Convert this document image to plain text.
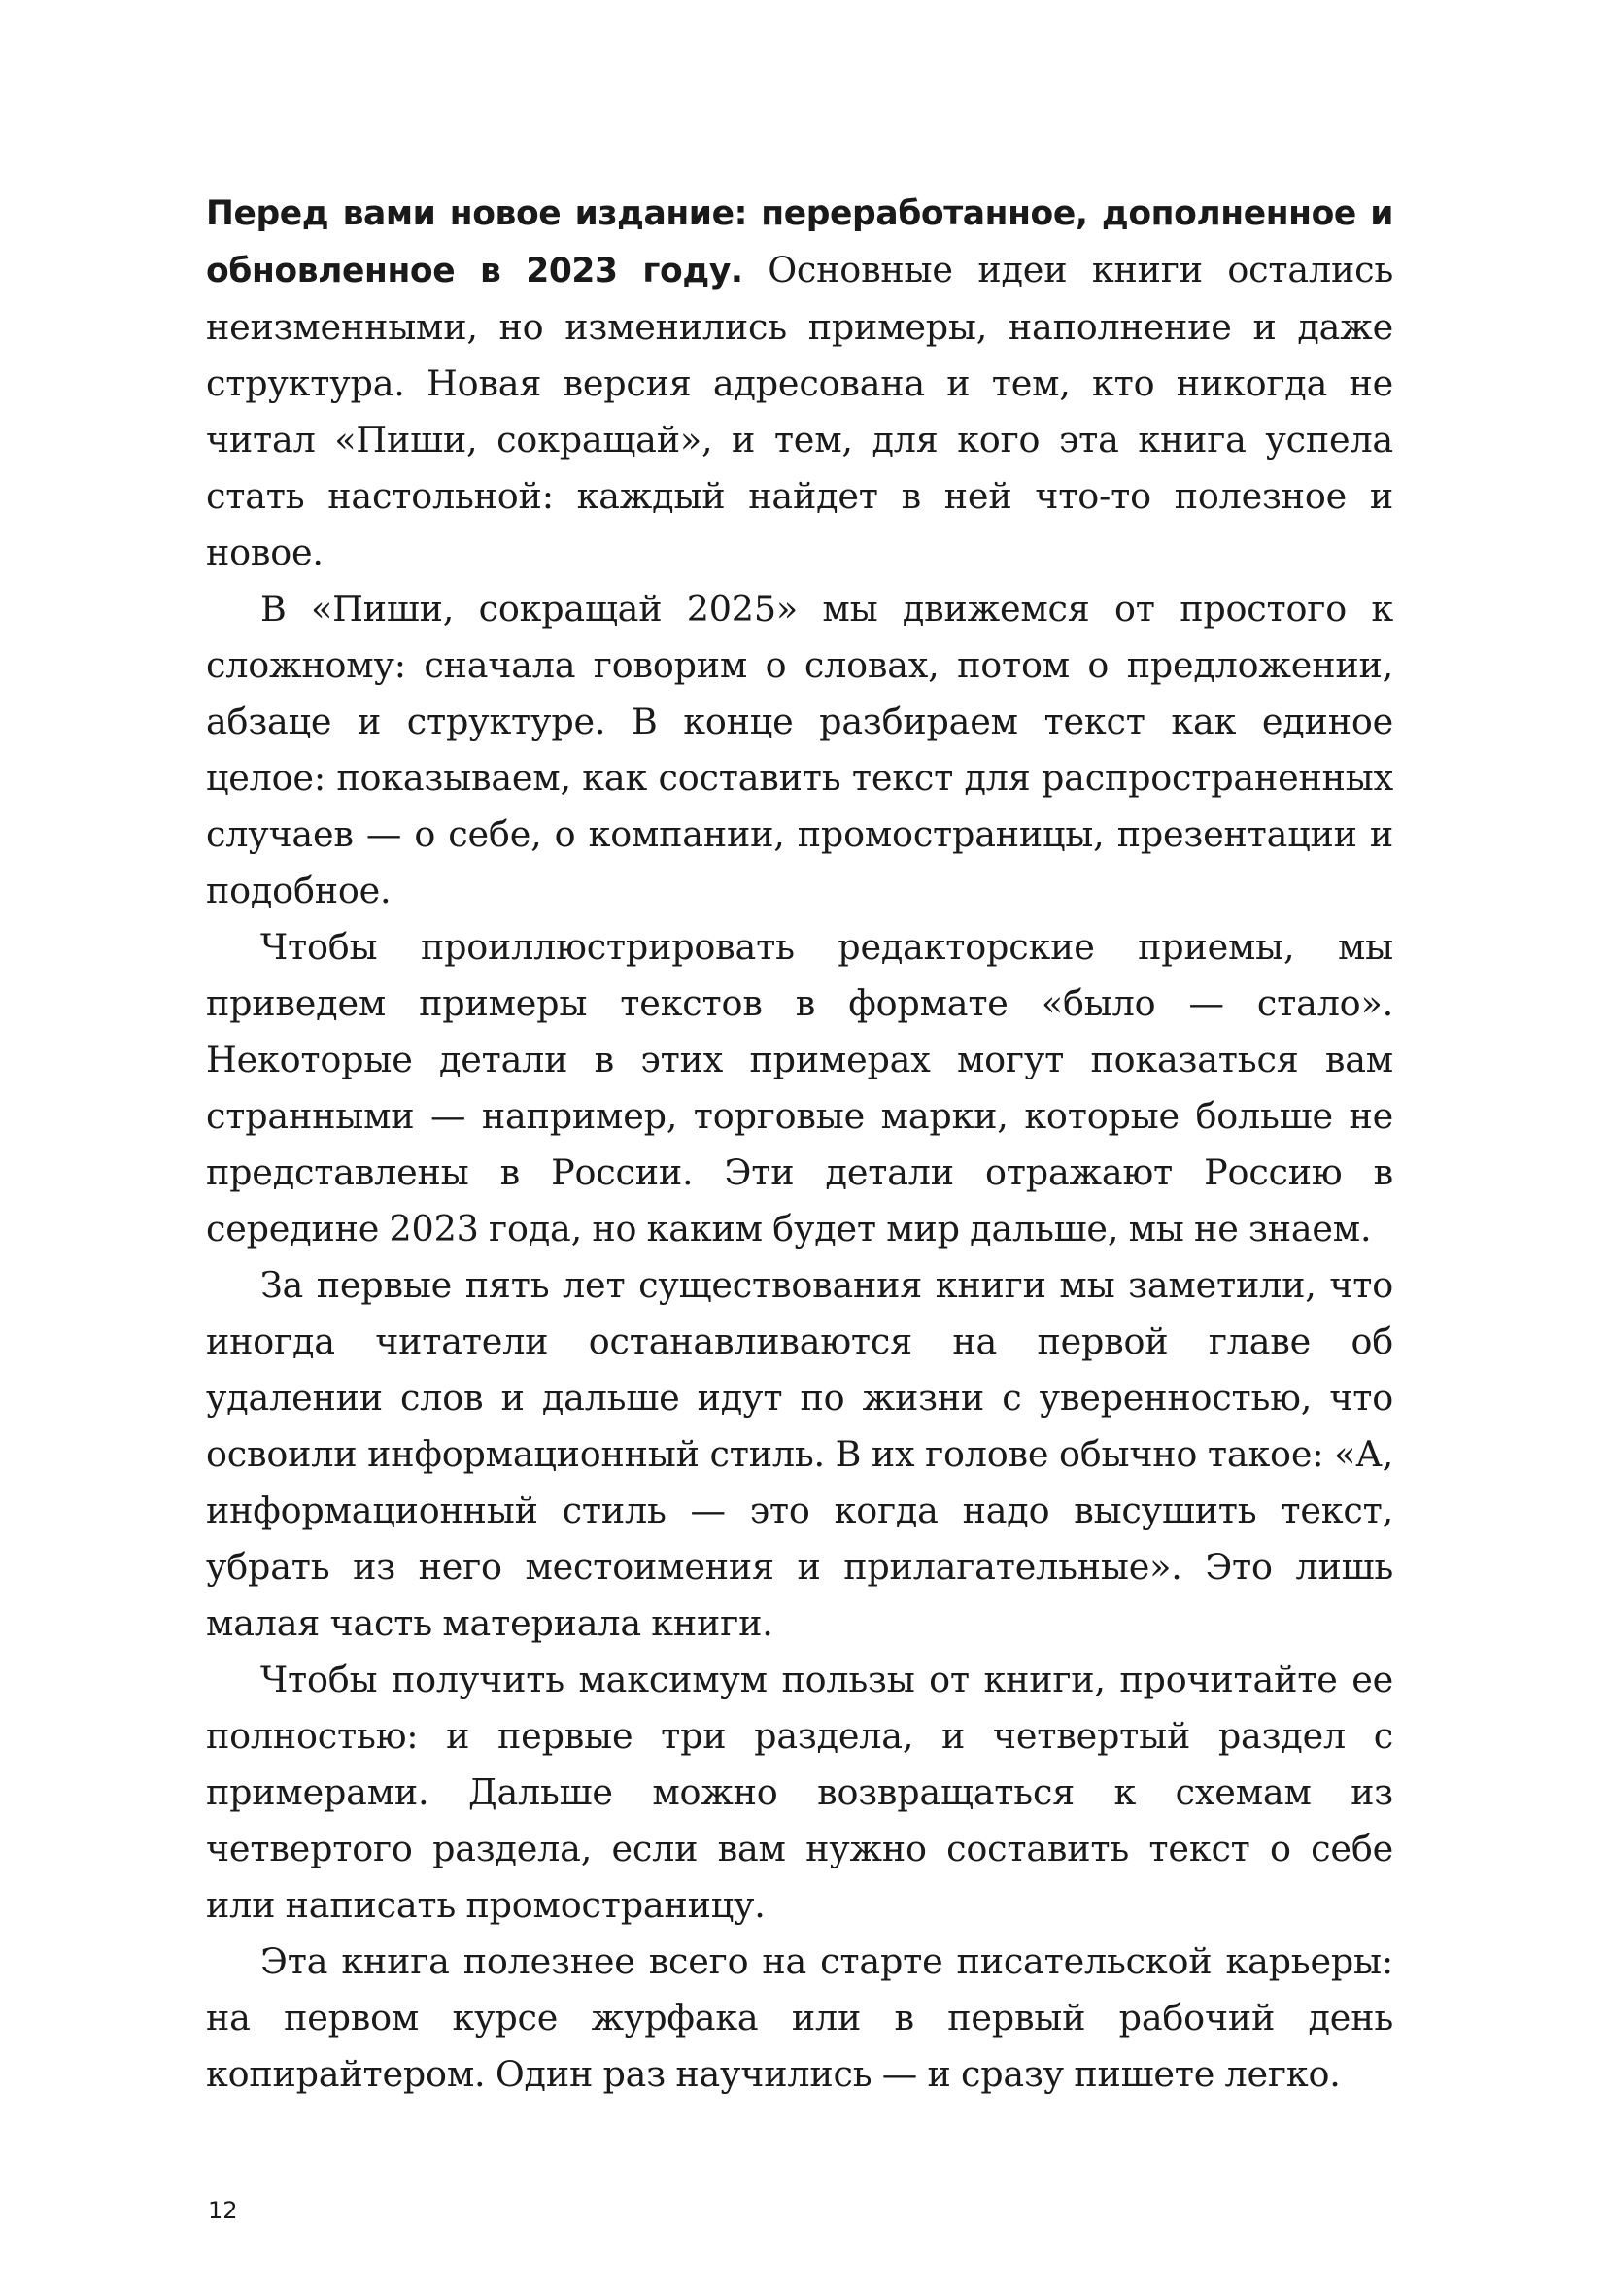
Перед вами новое издание: переработанное, дополненное и обновленное в 2023 году. Основные идеи книги остались неизменными, но изменились примеры, наполнение и даже структура. Новая версия адресована и тем, кто никогда не читал «Пиши, сокращай», и тем, для кого эта книга успела стать настольной: каждый найдет в ней что-то полезное и новое.

В «Пиши, сокращай 2025» мы движемся от простого к сложному: сначала говорим о словах, потом о предложении, абзаце и структуре. В конце разбираем текст как единое целое: показываем, как составить текст для распространенных случаев — о себе, о компании, промостраницы, презентации и подобное.

Чтобы проиллюстрировать редакторские приемы, мы приведем примеры текстов в формате «было — стало». Некоторые детали в этих примерах могут показаться вам странными — например, торговые марки, которые больше не представлены в России. Эти детали отражают Россию в середине 2023 года, но каким будет мир дальше, мы не знаем.

За первые пять лет существования книги мы заметили, что иногда читатели останавливаются на первой главе об удалении слов и дальше идут по жизни с уверенностью, что освоили информационный стиль. В их голове обычно такое: «А, информационный стиль — это когда надо высушить текст, убрать из него местоимения и прилагательные». Это лишь малая часть материала книги.

Чтобы получить максимум пользы от книги, прочитайте ее полностью: и первые три раздела, и четвертый раздел с примерами. Дальше можно возвращаться к схемам из четвертого раздела, если вам нужно составить текст о себе или написать промостраницу.

Эта книга полезнее всего на старте писательской карьеры: на первом курсе журфака или в первый рабочий день копирайтером. Один раз научились — и сразу пишете легко.

12
